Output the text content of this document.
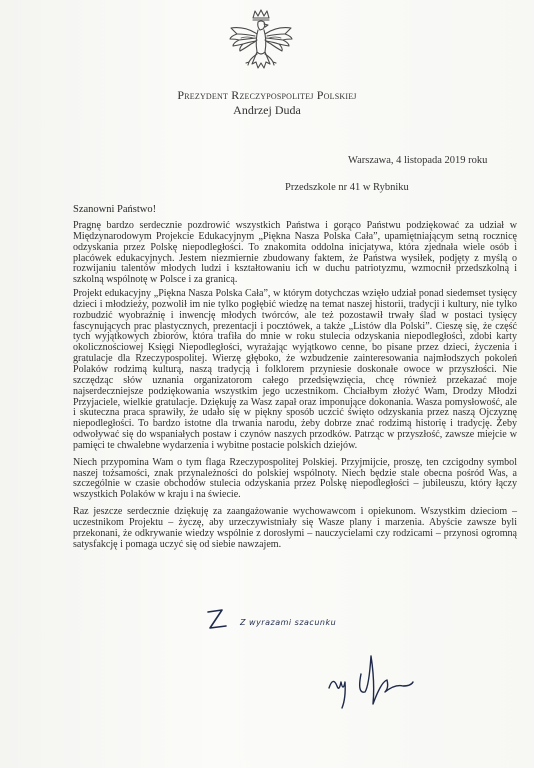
Prezydent Rzeczypospolitej Polskiej
Andrzej Duda
Warszawa, 4 listopada 2019 roku
Przedszkole nr 41 w Rybniku
Szanowni Państwo!

Pragnę bardzo serdecznie pozdrowić wszystkich Państwa i gorąco Państwu podziękować za udział w Międzynarodowym Projekcie Edukacyjnym „Piękna Nasza Polska Cała”, upamiętniającym setną rocznicę odzyskania przez Polskę niepodległości. To znakomita oddolna inicjatywa, która zjednała wiele osób i placówek edukacyjnych. Jestem niezmiernie zbudowany faktem, że Państwa wysiłek, podjęty z myślą o rozwijaniu talentów młodych ludzi i kształtowaniu ich w duchu patriotyzmu, wzmocnił przedszkolną i szkolną wspólnotę w Polsce i za granicą.

Projekt edukacyjny „Piękna Nasza Polska Cała”, w którym dotychczas wzięło udział ponad siedemset tysięcy dzieci i młodzieży, pozwolił im nie tylko pogłębić wiedzę na temat naszej historii, tradycji i kultury, nie tylko rozbudzić wyobraźnię i inwencję młodych twórców, ale też pozostawił trwały ślad w postaci tysięcy fascynujących prac plastycznych, prezentacji i pocztówek, a także „Listów dla Polski”. Cieszę się, że część tych wyjątkowych zbiorów, która trafiła do mnie w roku stulecia odzyskania niepodległości, zdobi karty okolicznościowej Księgi Niepodległości, wyrażając wyjątkowo cenne, bo pisane przez dzieci, życzenia i gratulacje dla Rzeczypospolitej. Wierzę głęboko, że wzbudzenie zainteresowania najmłodszych pokoleń Polaków rodzimą kulturą, naszą tradycją i folklorem przyniesie doskonałe owoce w przyszłości. Nie szczędząc słów uznania organizatorom całego przedsięwzięcia, chcę również przekazać moje najserdeczniejsze podziękowania wszystkim jego uczestnikom. Chciałbym złożyć Wam, Drodzy Młodzi Przyjaciele, wielkie gratulacje. Dziękuję za Wasz zapał oraz imponujące dokonania. Wasza pomysłowość, ale i skuteczna praca sprawiły, że udało się w piękny sposób uczcić święto odzyskania przez naszą Ojczyznę niepodległości. To bardzo istotne dla trwania narodu, żeby dobrze znać rodzimą historię i tradycję. Żeby odwoływać się do wspaniałych postaw i czynów naszych przodków. Patrząc w przyszłość, zawsze miejcie w pamięci te chwalebne wydarzenia i wybitne postacie polskich dziejów.

Niech przypomina Wam o tym flaga Rzeczypospolitej Polskiej. Przyjmijcie, proszę, ten czcigodny symbol naszej tożsamości, znak przynależności do polskiej wspólnoty. Niech będzie stale obecna pośród Was, a szczególnie w czasie obchodów stulecia odzyskania przez Polskę niepodległości – jubileuszu, który łączy wszystkich Polaków w kraju i na świecie.

Raz jeszcze serdecznie dziękuję za zaangażowanie wychowawcom i opiekunom. Wszystkim dzieciom – uczestnikom Projektu – życzę, aby urzeczywistniały się Wasze plany i marzenia. Abyście zawsze byli przekonani, że odkrywanie wiedzy wspólnie z dorosłymi – nauczycielami czy rodzicami – przynosi ogromną satysfakcję i pomaga uczyć się od siebie nawzajem.

Z wyrazami szacunku
